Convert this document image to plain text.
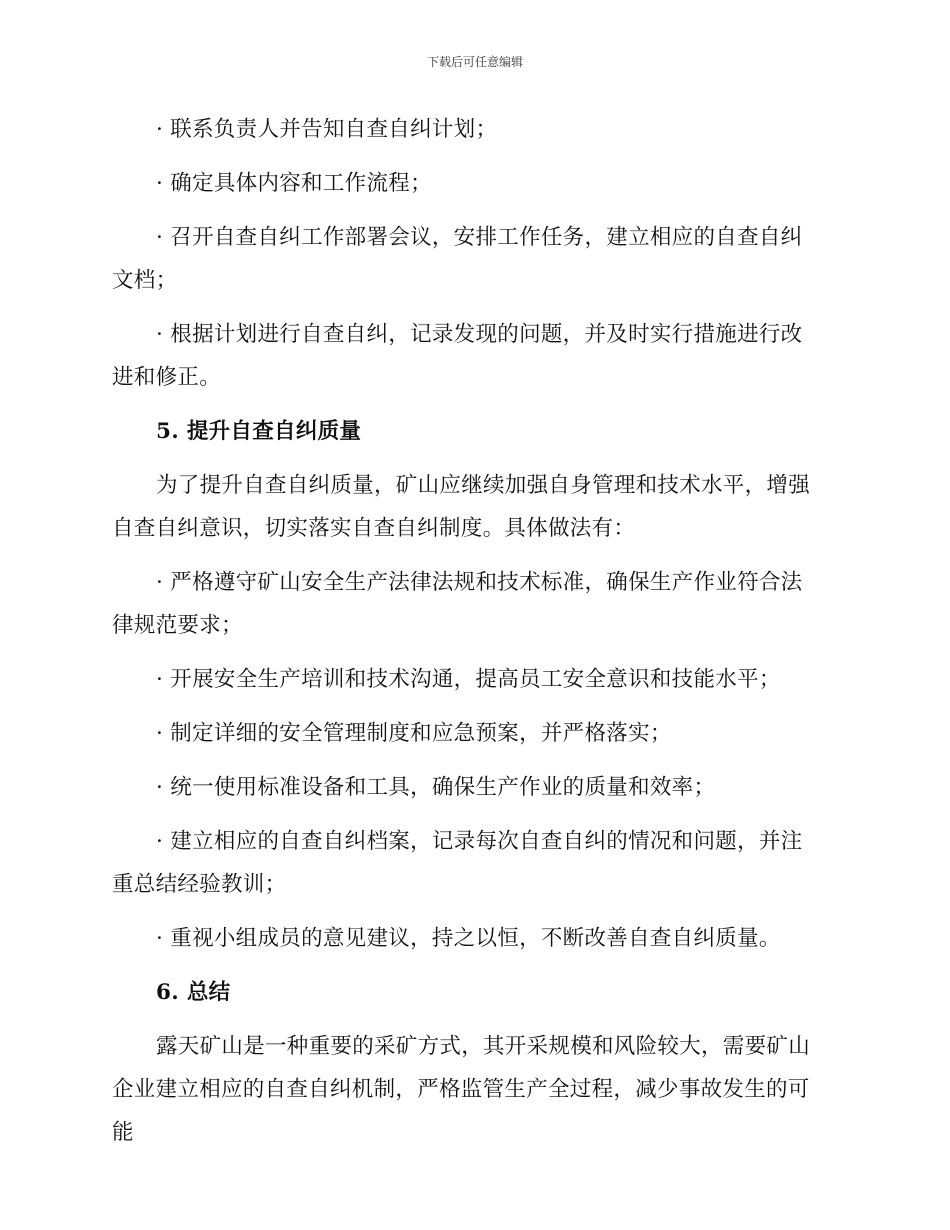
下载后可任意编辑

· 联系负责人并告知自查自纠计划；

· 确定具体内容和工作流程；

· 召开自查自纠工作部署会议，安排工作任务，建立相应的自查自纠文档；

· 根据计划进行自查自纠，记录发现的问题，并及时实行措施进行改进和修正。

5. 提升自查自纠质量

为了提升自查自纠质量，矿山应继续加强自身管理和技术水平，增强自查自纠意识，切实落实自查自纠制度。具体做法有：

· 严格遵守矿山安全生产法律法规和技术标准，确保生产作业符合法律规范要求；

· 开展安全生产培训和技术沟通，提高员工安全意识和技能水平；

· 制定详细的安全管理制度和应急预案，并严格落实；

· 统一使用标准设备和工具，确保生产作业的质量和效率；

· 建立相应的自查自纠档案，记录每次自查自纠的情况和问题，并注重总结经验教训；

· 重视小组成员的意见建议，持之以恒，不断改善自查自纠质量。

6. 总结

露天矿山是一种重要的采矿方式，其开采规模和风险较大，需要矿山企业建立相应的自查自纠机制，严格监管生产全过程，减少事故发生的可能
